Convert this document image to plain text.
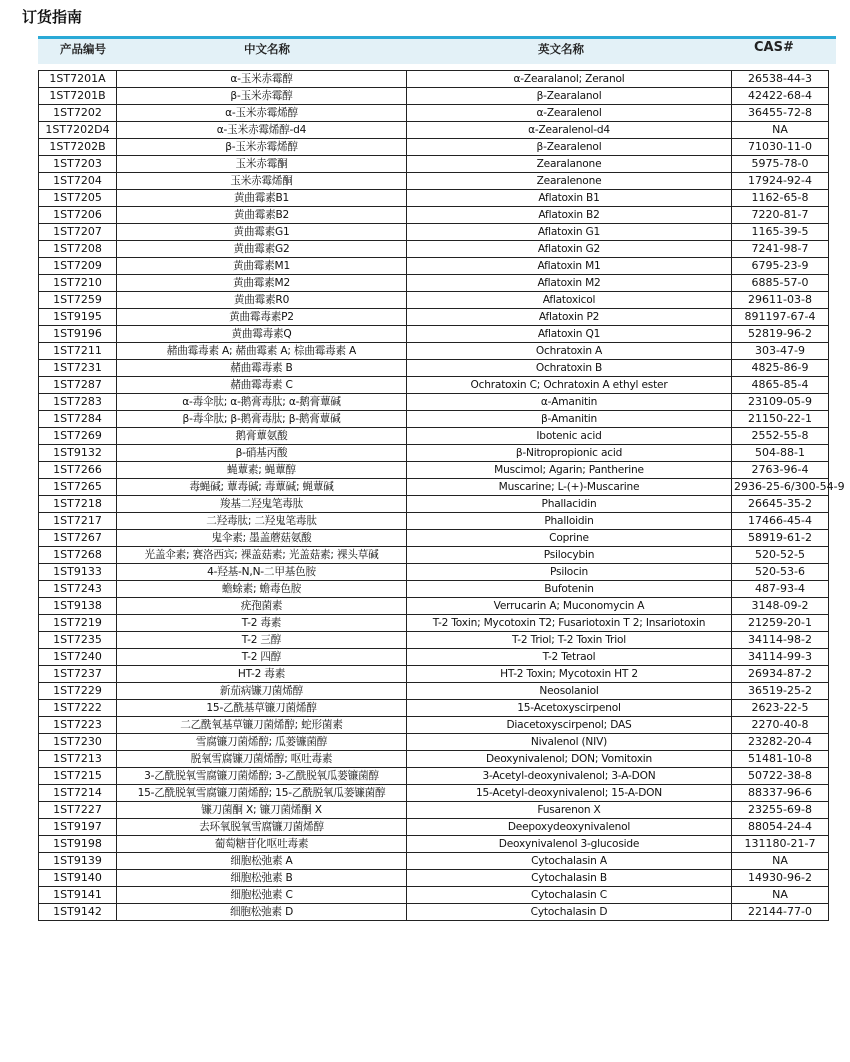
订货指南
产品编号	中文名称	英文名称	CAS#
1ST7201A	α-玉米赤霉醇	α-Zearalanol; Zeranol	26538-44-3
1ST7201B	β-玉米赤霉醇	β-Zearalanol	42422-68-4
1ST7202	α-玉米赤霉烯醇	α-Zearalenol	36455-72-8
1ST7202D4	α-玉米赤霉烯醇-d4	α-Zearalenol-d4	NA
1ST7202B	β-玉米赤霉烯醇	β-Zearalenol	71030-11-0
1ST7203	玉米赤霉酮	Zearalanone	5975-78-0
1ST7204	玉米赤霉烯酮	Zearalenone	17924-92-4
1ST7205	黄曲霉素B1	Aflatoxin B1	1162-65-8
1ST7206	黄曲霉素B2	Aflatoxin B2	7220-81-7
1ST7207	黄曲霉素G1	Aflatoxin G1	1165-39-5
1ST7208	黄曲霉素G2	Aflatoxin G2	7241-98-7
1ST7209	黄曲霉素M1	Aflatoxin M1	6795-23-9
1ST7210	黄曲霉素M2	Aflatoxin M2	6885-57-0
1ST7259	黄曲霉素R0	Aflatoxicol	29611-03-8
1ST9195	黄曲霉毒素P2	Aflatoxin P2	891197-67-4
1ST9196	黄曲霉毒素Q	Aflatoxin Q1	52819-96-2
1ST7211	赭曲霉毒素 A; 赭曲霉素 A; 棕曲霉毒素 A	Ochratoxin A	303-47-9
1ST7231	赭曲霉毒素 B	Ochratoxin B	4825-86-9
1ST7287	赭曲霉毒素 C	Ochratoxin C; Ochratoxin A ethyl ester	4865-85-4
1ST7283	α-毒伞肽; α-鹅膏毒肽; α-鹅膏蕈碱	α-Amanitin	23109-05-9
1ST7284	β-毒伞肽; β-鹅膏毒肽; β-鹅膏蕈碱	β-Amanitin	21150-22-1
1ST7269	鹅膏蕈氨酸	Ibotenic acid	2552-55-8
1ST9132	β-硝基丙酸	β-Nitropropionic acid	504-88-1
1ST7266	蝇蕈素; 蝇蕈醇	Muscimol; Agarin; Pantherine	2763-96-4
1ST7265	毒蝇碱; 蕈毒碱; 毒蕈碱; 蝇蕈碱	Muscarine; L-(+)-Muscarine	2936-25-6/300-54-9
1ST7218	羧基二羟鬼笔毒肽	Phallacidin	26645-35-2
1ST7217	二羟毒肽; 二羟鬼笔毒肽	Phalloidin	17466-45-4
1ST7267	鬼伞素; 墨盖蘑菇氨酸	Coprine	58919-61-2
1ST7268	光盖伞素; 赛洛西宾; 裸盖菇素; 光盖菇素; 裸头草碱	Psilocybin	520-52-5
1ST9133	4-羟基-N,N-二甲基色胺	Psilocin	520-53-6
1ST7243	蟾蜍素; 蟾毒色胺	Bufotenin	487-93-4
1ST9138	疣孢菌素	Verrucarin A; Muconomycin A	3148-09-2
1ST7219	T-2 毒素	T-2 Toxin; Mycotoxin T2; Fusariotoxin T 2; Insariotoxin	21259-20-1
1ST7235	T-2 三醇	T-2 Triol; T-2 Toxin Triol	34114-98-2
1ST7240	T-2 四醇	T-2 Tetraol	34114-99-3
1ST7237	HT-2 毒素	HT-2 Toxin; Mycotoxin HT 2	26934-87-2
1ST7229	新茄病镰刀菌烯醇	Neosolaniol	36519-25-2
1ST7222	15-乙酰基草镰刀菌烯醇	15-Acetoxyscirpenol	2623-22-5
1ST7223	二乙酰氧基草镰刀菌烯醇; 蛇形菌素	Diacetoxyscirpenol; DAS	2270-40-8
1ST7230	雪腐镰刀菌烯醇; 瓜蒌镰菌醇	Nivalenol (NIV)	23282-20-4
1ST7213	脱氧雪腐镰刀菌烯醇; 呕吐毒素	Deoxynivalenol; DON; Vomitoxin	51481-10-8
1ST7215	3-乙酰脱氧雪腐镰刀菌烯醇; 3-乙酰脱氧瓜蒌镰菌醇	3-Acetyl-deoxynivalenol; 3-A-DON	50722-38-8
1ST7214	15-乙酰脱氧雪腐镰刀菌烯醇; 15-乙酰脱氧瓜蒌镰菌醇	15-Acetyl-deoxynivalenol; 15-A-DON	88337-96-6
1ST7227	镰刀菌酮 X; 镰刀菌烯酮 X	Fusarenon X	23255-69-8
1ST9197	去环氧脱氧雪腐镰刀菌烯醇	Deepoxydeoxynivalenol	88054-24-4
1ST9198	葡萄糖苷化呕吐毒素	Deoxynivalenol 3-glucoside	131180-21-7
1ST9139	细胞松弛素 A	Cytochalasin A	NA
1ST9140	细胞松弛素 B	Cytochalasin B	14930-96-2
1ST9141	细胞松弛素 C	Cytochalasin C	NA
1ST9142	细胞松弛素 D	Cytochalasin D	22144-77-0
